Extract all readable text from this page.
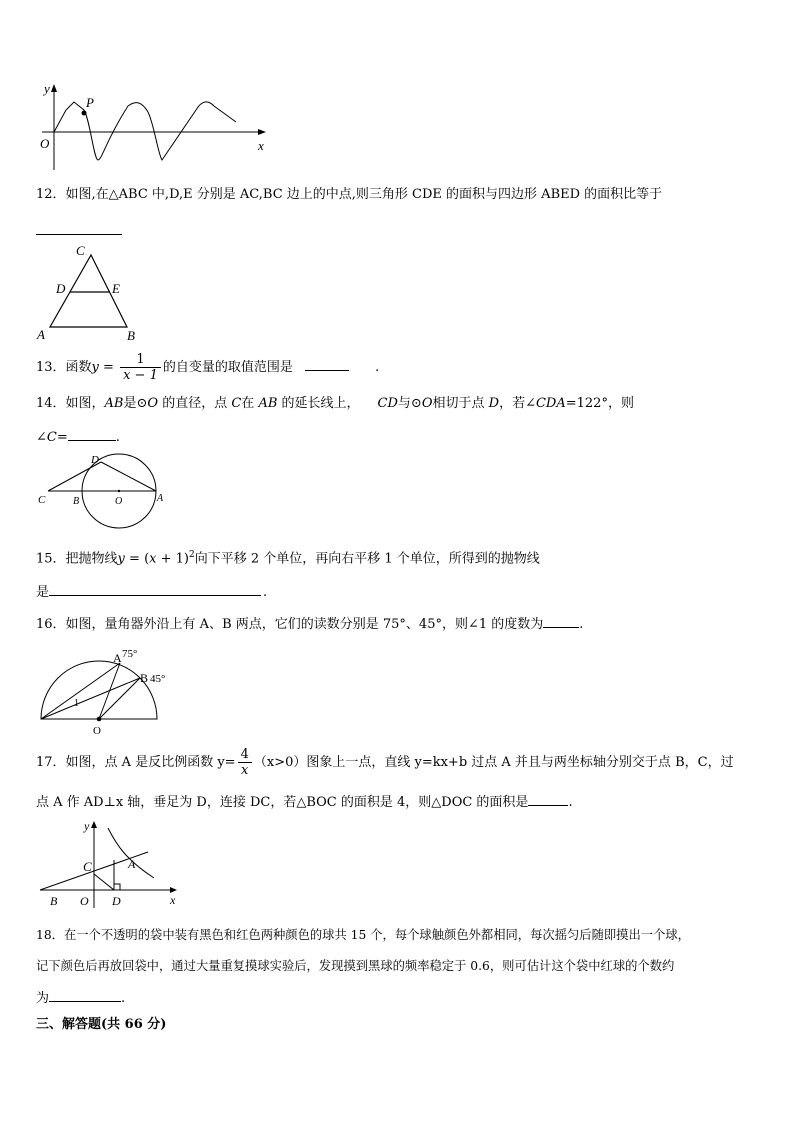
y
x
O
P
12．如图,在△ABC 中,D,E 分别是 AC,BC 边上的中点,则三角形 CDE 的面积与四边形 ABED 的面积比等于
C
D	E
A	B
13．函数$y = \frac{1}{x - 1}$ 的自变量的取值范围是	.
14．如图，AB是⊙O 的直径，点 C在 AB 的延长线上， CD与⊙O相切于点 D，若∠CDA=122°，则
∠C=	.
D
C	B	O	A
15．把抛物线$y = (x + 1)^2$向下平移 2 个单位，再向右平移 1 个单位，所得到的抛物线
是	.
16．如图，量角器外沿上有 A、B 两点，它们的读数分别是 75°、45°，则∠1 的度数为	.
A 75°
B 45°
1
O
17．如图，点 A 是反比例函数 $y= \frac{4}{x} (x>0)$图象上一点，直线 y=kx+b 过点 A 并且与两坐标轴分别交于点 B，C，过
点 A 作 AD⊥x 轴，垂足为 D，连接 DC，若△BOC 的面积是 4，则△DOC 的面积是	.
y
x
C	A
B O D
18．在一个不透明的袋中装有黑色和红色两种颜色的球共 15 个，每个球触颜色外都相同，每次摇匀后随即摸出一个球，
记下颜色后再放回袋中，通过大量重复摸球实验后，发现摸到黑球的频率稳定于 0.6，则可估计这个袋中红球的个数约
为	.
三、解答题(共 66 分)
